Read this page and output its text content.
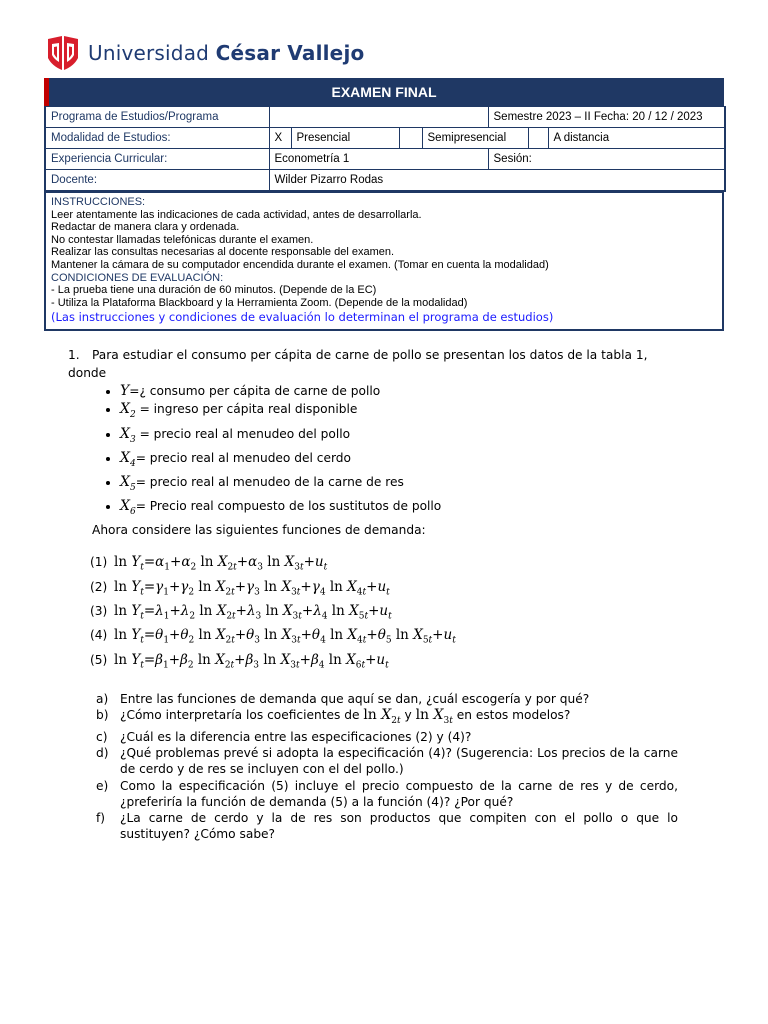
Universidad César Vallejo
EXAMEN FINAL
Programa de Estudios/Programa					Semestre 2023 – II Fecha: 20 / 12 / 2023		
Modalidad de Estudios:	X	Presencial		Semipresencial			A distancia
Experiencia Curricular:	Econometría 1				Sesión:		
Docente:	Wilder Pizarro Rodas						
INSTRUCCIONES:
Leer atentamente las indicaciones de cada actividad, antes de desarrollarla.
Redactar de manera clara y ordenada.
No contestar llamadas telefónicas durante el examen.
Realizar las consultas necesarias al docente responsable del examen.
Mantener la cámara de su computador encendida durante el examen. (Tomar en cuenta la modalidad)
CONDICIONES DE EVALUACIÓN:
- La prueba tiene una duración de 60 minutos. (Depende de la EC)
- Utiliza la Plataforma Blackboard y la Herramienta Zoom. (Depende de la modalidad)
(Las instrucciones y condiciones de evaluación lo determinan el programa de estudios)
1. Para estudiar el consumo per cápita de carne de pollo se presentan los datos de la tabla 1, donde
• Y=¿ consumo per cápita de carne de pollo
• $X_2$ = ingreso per cápita real disponible
• $X_3$ = precio real al menudeo del pollo
• $X_4=$ precio real al menudeo del cerdo
• $X_5=$ precio real al menudeo de la carne de res
• $X_6=$ Precio real compuesto de los sustitutos de pollo
Ahora considere las siguientes funciones de demanda:
(1) $\ln Y_t=\alpha_1+\alpha_2$ $\ln X_{2t}+\alpha_3$ $\ln X_{3t}+u_t$
(2) $\ln Y_t=\gamma_1+\gamma_2$ $\ln X_{2t}+\gamma_3$ $\ln X_{3t}+\gamma_4$ $\ln X_{4t}+u_t$
(3) $\ln Y_t=\lambda_1+\lambda_2$ $\ln X_{2t}+\lambda_3$ $\ln X_{3t}+\lambda_4$ $\ln X_{5t}+u_t$
(4) $\ln Y_t=\theta_1+\theta_2$ $\ln X_{2t}+\theta_3$ $\ln X_{3t}+\theta_4$ $\ln X_{4t}+\theta_5$ $\ln X_{5t}+u_t$
(5) $\ln Y_t=\beta_1+\beta_2$ $\ln X_{2t}+\beta_3$ $\ln X_{3t}+\beta_4$ $\ln X_{6t}+u_t$
a) Entre las funciones de demanda que aquí se dan, ¿cuál escogería y por qué?
b) ¿Cómo interpretaría los coeficientes de $\ln X_{2t}$ y $\ln X_{3t}$ en estos modelos?
c)	¿Cuál es la diferencia entre las especificaciones (2) y (4)?
d) ¿Qué problemas prevé si adopta la especificación (4)? (Sugerencia: Los precios de la carne de cerdo y de res se incluyen con el del pollo.)
e) Como la especificación (5) incluye el precio compuesto de la carne de res y de cerdo, ¿preferiría la función de demanda (5) a la función (4)? ¿Por qué?
f)	¿La carne de cerdo y la de res son productos que compiten con el pollo o que lo sustituyen? ¿Cómo sabe?
